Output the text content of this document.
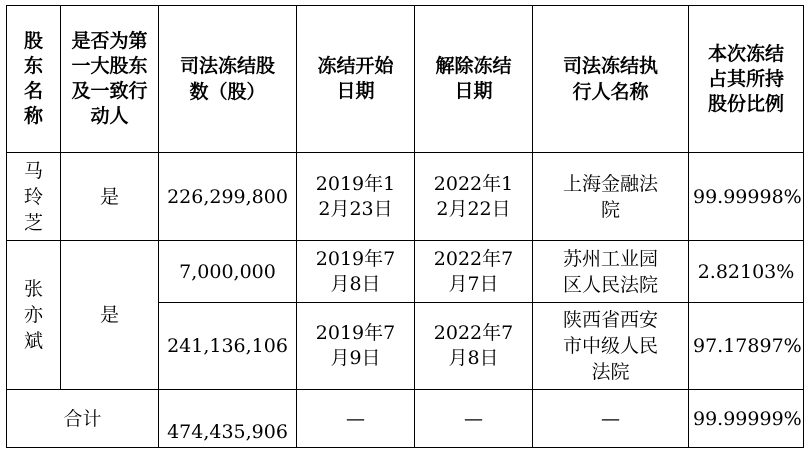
股东名称	是否为第一大股东及一致行动人	司法冻结股数（股）	冻结开始日期	解除冻结日期	司法冻结执行人名称	本次冻结占其所持股份比例

马玲芝	是	226,299,800	2019年12月23日	2022年12月22日	上海金融法院	99.99998%

张亦斌	是	7,000,000	2019年7月8日	2022年7月7日	苏州工业园区人民法院	2.82103%
		241,136,106	2019年7月9日	2022年7月8日	陕西省西安市中级人民法院	97.17897%
合计		474,435,906	—	—	—	99.99999%
